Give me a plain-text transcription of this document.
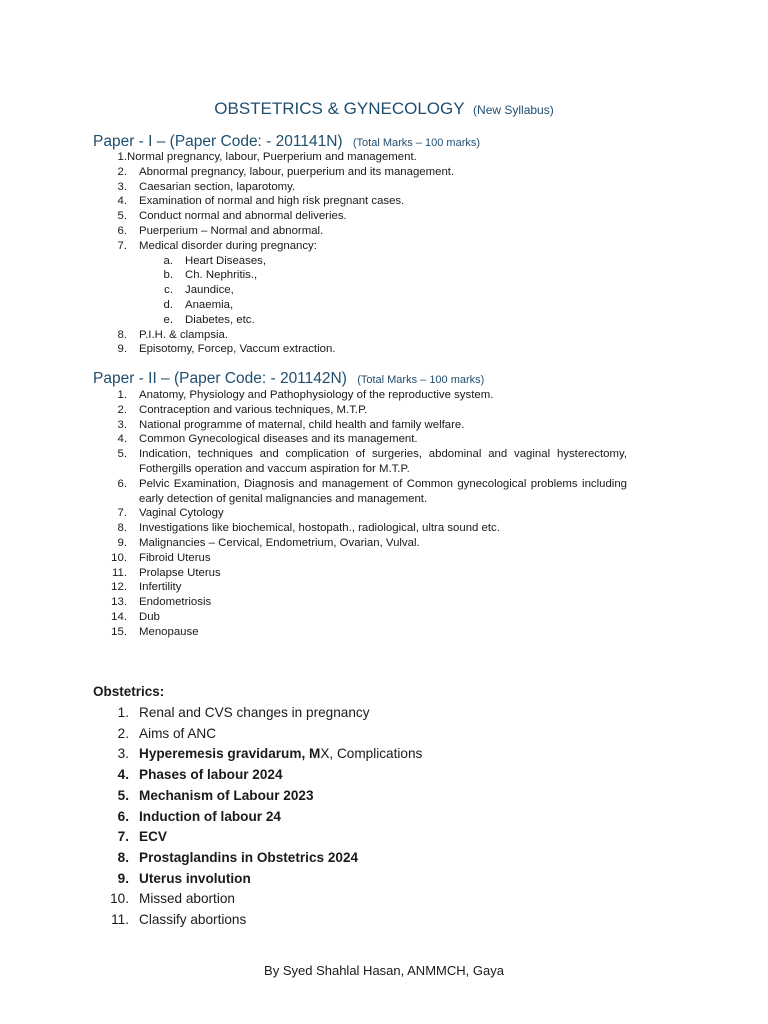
OBSTETRICS & GYNECOLOGY (New Syllabus)
Paper - I – (Paper Code: - 201141N) (Total Marks – 100 marks)
1. Normal pregnancy, labour, Puerperium and management.
2.	Abnormal pregnancy, labour, puerperium and its management.
3.	Caesarian section, laparotomy.
4.	Examination of normal and high risk pregnant cases.
5.	Conduct normal and abnormal deliveries.
6.	Puerperium – Normal and abnormal.
7.	Medical disorder during pregnancy:
a.	Heart Diseases,
b.	Ch. Nephritis.,
c.	Jaundice,
d.	Anaemia,
e.	Diabetes, etc.
8.	P.I.H. & clampsia.
9.	Episotomy, Forcep, Vaccum extraction.
Paper - II – (Paper Code: - 201142N) (Total Marks – 100 marks)
1.	Anatomy, Physiology and Pathophysiology of the reproductive system.
2.	Contraception and various techniques, M.T.P.
3.	National programme of maternal, child health and family welfare.
4.	Common Gynecological diseases and its management.
5.	Indication, techniques and complication of surgeries, abdominal and vaginal hysterectomy, Fothergills operation and vaccum aspiration for M.T.P.
6.	Pelvic Examination, Diagnosis and management of Common gynecological problems including early detection of genital malignancies and management.
7.	Vaginal Cytology
8.	Investigations like biochemical, hostopath., radiological, ultra sound etc.
9.	Malignancies – Cervical, Endometrium, Ovarian, Vulval.
10.	Fibroid Uterus
11.	Prolapse Uterus
12.	Infertility
13.	Endometriosis
14.	Dub
15.	Menopause
Obstetrics:
1. Renal and CVS changes in pregnancy
2. Aims of ANC
3. Hyperemesis gravidarum, MX, Complications
4. Phases of labour 2024
5. Mechanism of Labour 2023
6. Induction of labour 24
7. ECV
8. Prostaglandins in Obstetrics 2024
9. Uterus involution
10. Missed abortion
11. Classify abortions
By Syed Shahlal Hasan, ANMMCH, Gaya
